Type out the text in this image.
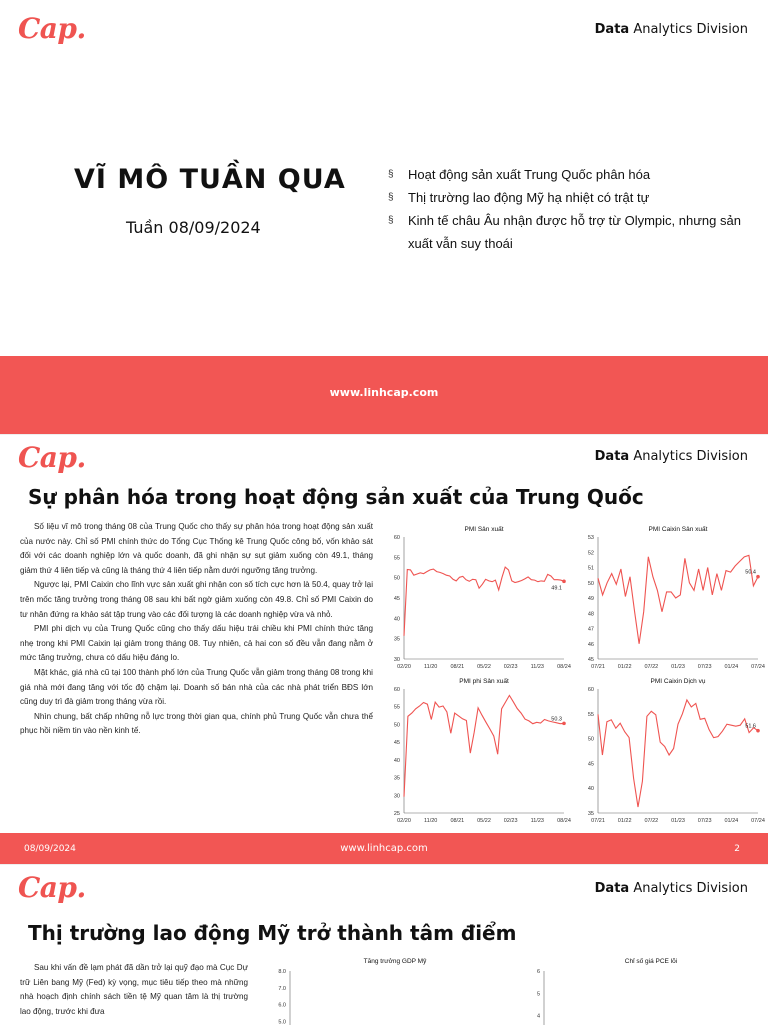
Cap.	Data Analytics Division
VĨ MÔ TUẦN QUA
Tuần 08/09/2024
§ Hoạt động sản xuất Trung Quốc phân hóa
§ Thị trường lao động Mỹ hạ nhiệt có trật tự
§ Kinh tế châu Âu nhận được hỗ trợ từ Olympic, nhưng sản xuất vẫn suy thoái
www.linhcap.com
Cap.	Data Analytics Division
Sự phân hóa trong hoạt động sản xuất của Trung Quốc

Số liệu vĩ mô trong tháng 08 của Trung Quốc cho thấy sự phân hóa trong hoạt động sản xuất của nước này. Chỉ số PMI chính thức do Tổng Cục Thống kê Trung Quốc công bố, vốn khảo sát đối với các doanh nghiệp lớn và quốc doanh, đã ghi nhận sự sụt giảm xuống còn 49.1, tháng giảm thứ 4 liên tiếp và cũng là tháng thứ 4 liên tiếp nằm dưới ngưỡng tăng trưởng.

Ngược lại, PMI Caixin cho lĩnh vực sản xuất ghi nhận con số tích cực hơn là 50.4, quay trở lại trên mốc tăng trưởng trong tháng 08 sau khi bất ngờ giảm xuống còn 49.8. Chỉ số PMI Caixin do tư nhân đứng ra khảo sát tập trung vào các đối tượng là các doanh nghiệp vừa và nhỏ.

PMI phi dịch vụ của Trung Quốc cũng cho thấy dấu hiệu trái chiều khi PMI chính thức tăng nhẹ trong khi PMI Caixin lại giảm trong tháng 08. Tuy nhiên, cả hai con số đều vẫn đang nằm ở mức tăng trưởng, chưa có dấu hiệu đáng lo.

Mặt khác, giá nhà cũ tại 100 thành phố lớn của Trung Quốc vẫn giảm trong tháng 08 trong khi giá nhà mới đang tăng với tốc độ chậm lại. Doanh số bán nhà của các nhà phát triển BĐS lớn cũng duy trì đà giảm trong tháng vừa rồi.

Nhìn chung, bất chấp những nỗ lực trong thời gian qua, chính phủ Trung Quốc vẫn chưa thể phục hồi niềm tin vào nền kinh tế.

PMI Sản xuất
30
35
40
45
50
55
60
02/20 11/20 08/21 05/22 02/23 11/23 08/24
49.1
PMI Caixin Sản xuất
45
46
47
48
49
50
51
52
53
07/21 01/22 07/22 01/23 07/23 01/24 07/24
50.4
PMI phi Sản xuất
25
30
35
40
45
50
55
60
02/20 11/20 08/21 05/22 02/23 11/23 08/24
50.3
PMI Caixin Dịch vụ
35
40
45
50
55
60
07/21 01/22 07/22 01/23 07/23 01/24 07/24
51.6
08/09/2024	www.linhcap.com	2
Cap.	Data Analytics Division
Thị trường lao động Mỹ trở thành tâm điểm

Sau khi vấn đề lạm phát đã dần trở lại quỹ đạo mà Cục Dự trữ Liên bang Mỹ (Fed) kỳ vọng, mục tiêu tiếp theo mà những nhà hoạch định chính sách tiền tệ Mỹ quan tâm là thị trường lao động, trước khi đưa

Tăng trưởng GDP Mỹ
5.0
6.0
7.0
8.0
Chỉ số giá PCE lõi
4
5
6
